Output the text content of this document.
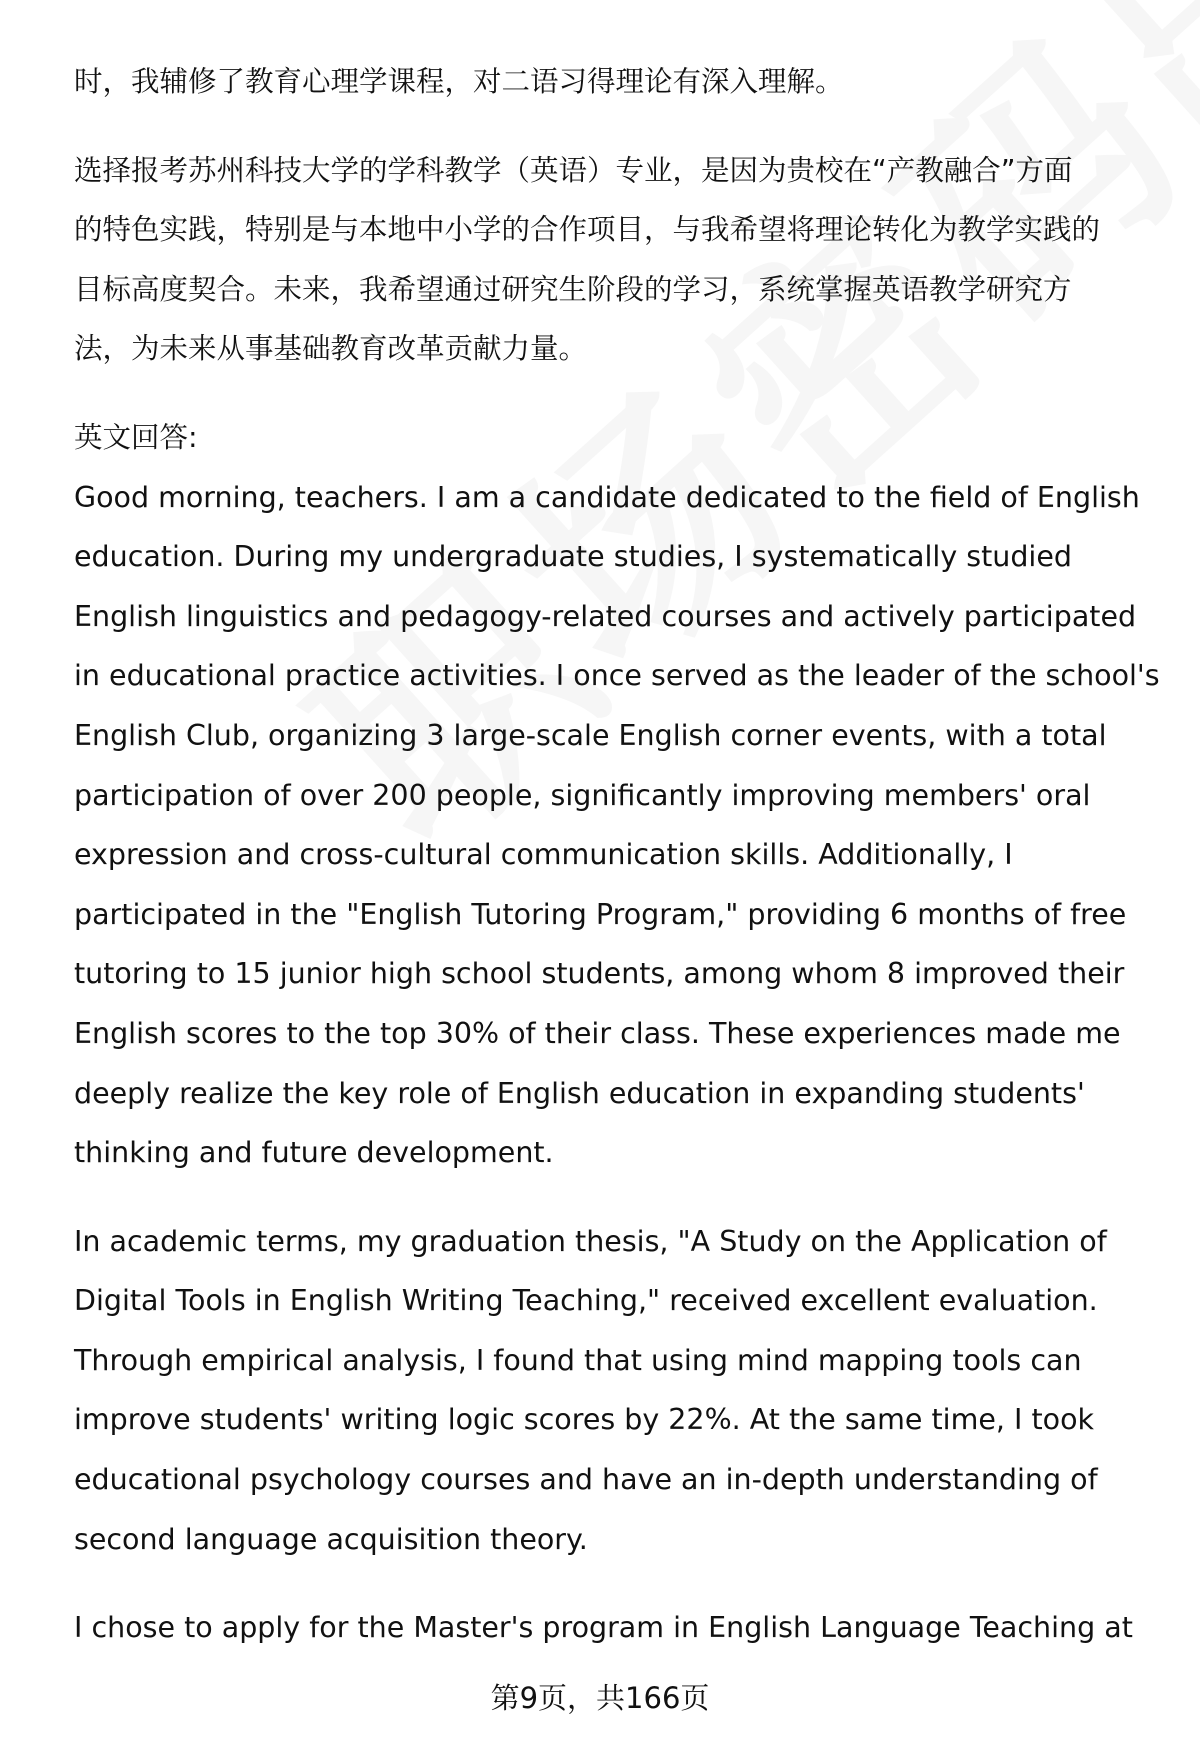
时，我辅修了教育心理学课程，对二语习得理论有深入理解。

选择报考苏州科技大学的学科教学（英语）专业，是因为贵校在“产教融合”方面

的特色实践，特别是与本地中小学的合作项目，与我希望将理论转化为教学实践的

目标高度契合。未来，我希望通过研究生阶段的学习，系统掌握英语教学研究方

法，为未来从事基础教育改革贡献力量。

英文回答:

Good morning, teachers. I am a candidate dedicated to the field of English

education. During my undergraduate studies, I systematically studied

English linguistics and pedagogy-related courses and actively participated

in educational practice activities. I once served as the leader of the school's

English Club, organizing 3 large-scale English corner events, with a total

participation of over 200 people, significantly improving members' oral

expression and cross-cultural communication skills. Additionally, I

participated in the "English Tutoring Program," providing 6 months of free

tutoring to 15 junior high school students, among whom 8 improved their

English scores to the top 30% of their class. These experiences made me

deeply realize the key role of English education in expanding students'

thinking and future development.

In academic terms, my graduation thesis, "A Study on the Application of

Digital Tools in English Writing Teaching," received excellent evaluation.

Through empirical analysis, I found that using mind mapping tools can

improve students' writing logic scores by 22%. At the same time, I took

educational psychology courses and have an in-depth understanding of

second language acquisition theory.

I chose to apply for the Master's program in English Language Teaching at

第9页，共166页
